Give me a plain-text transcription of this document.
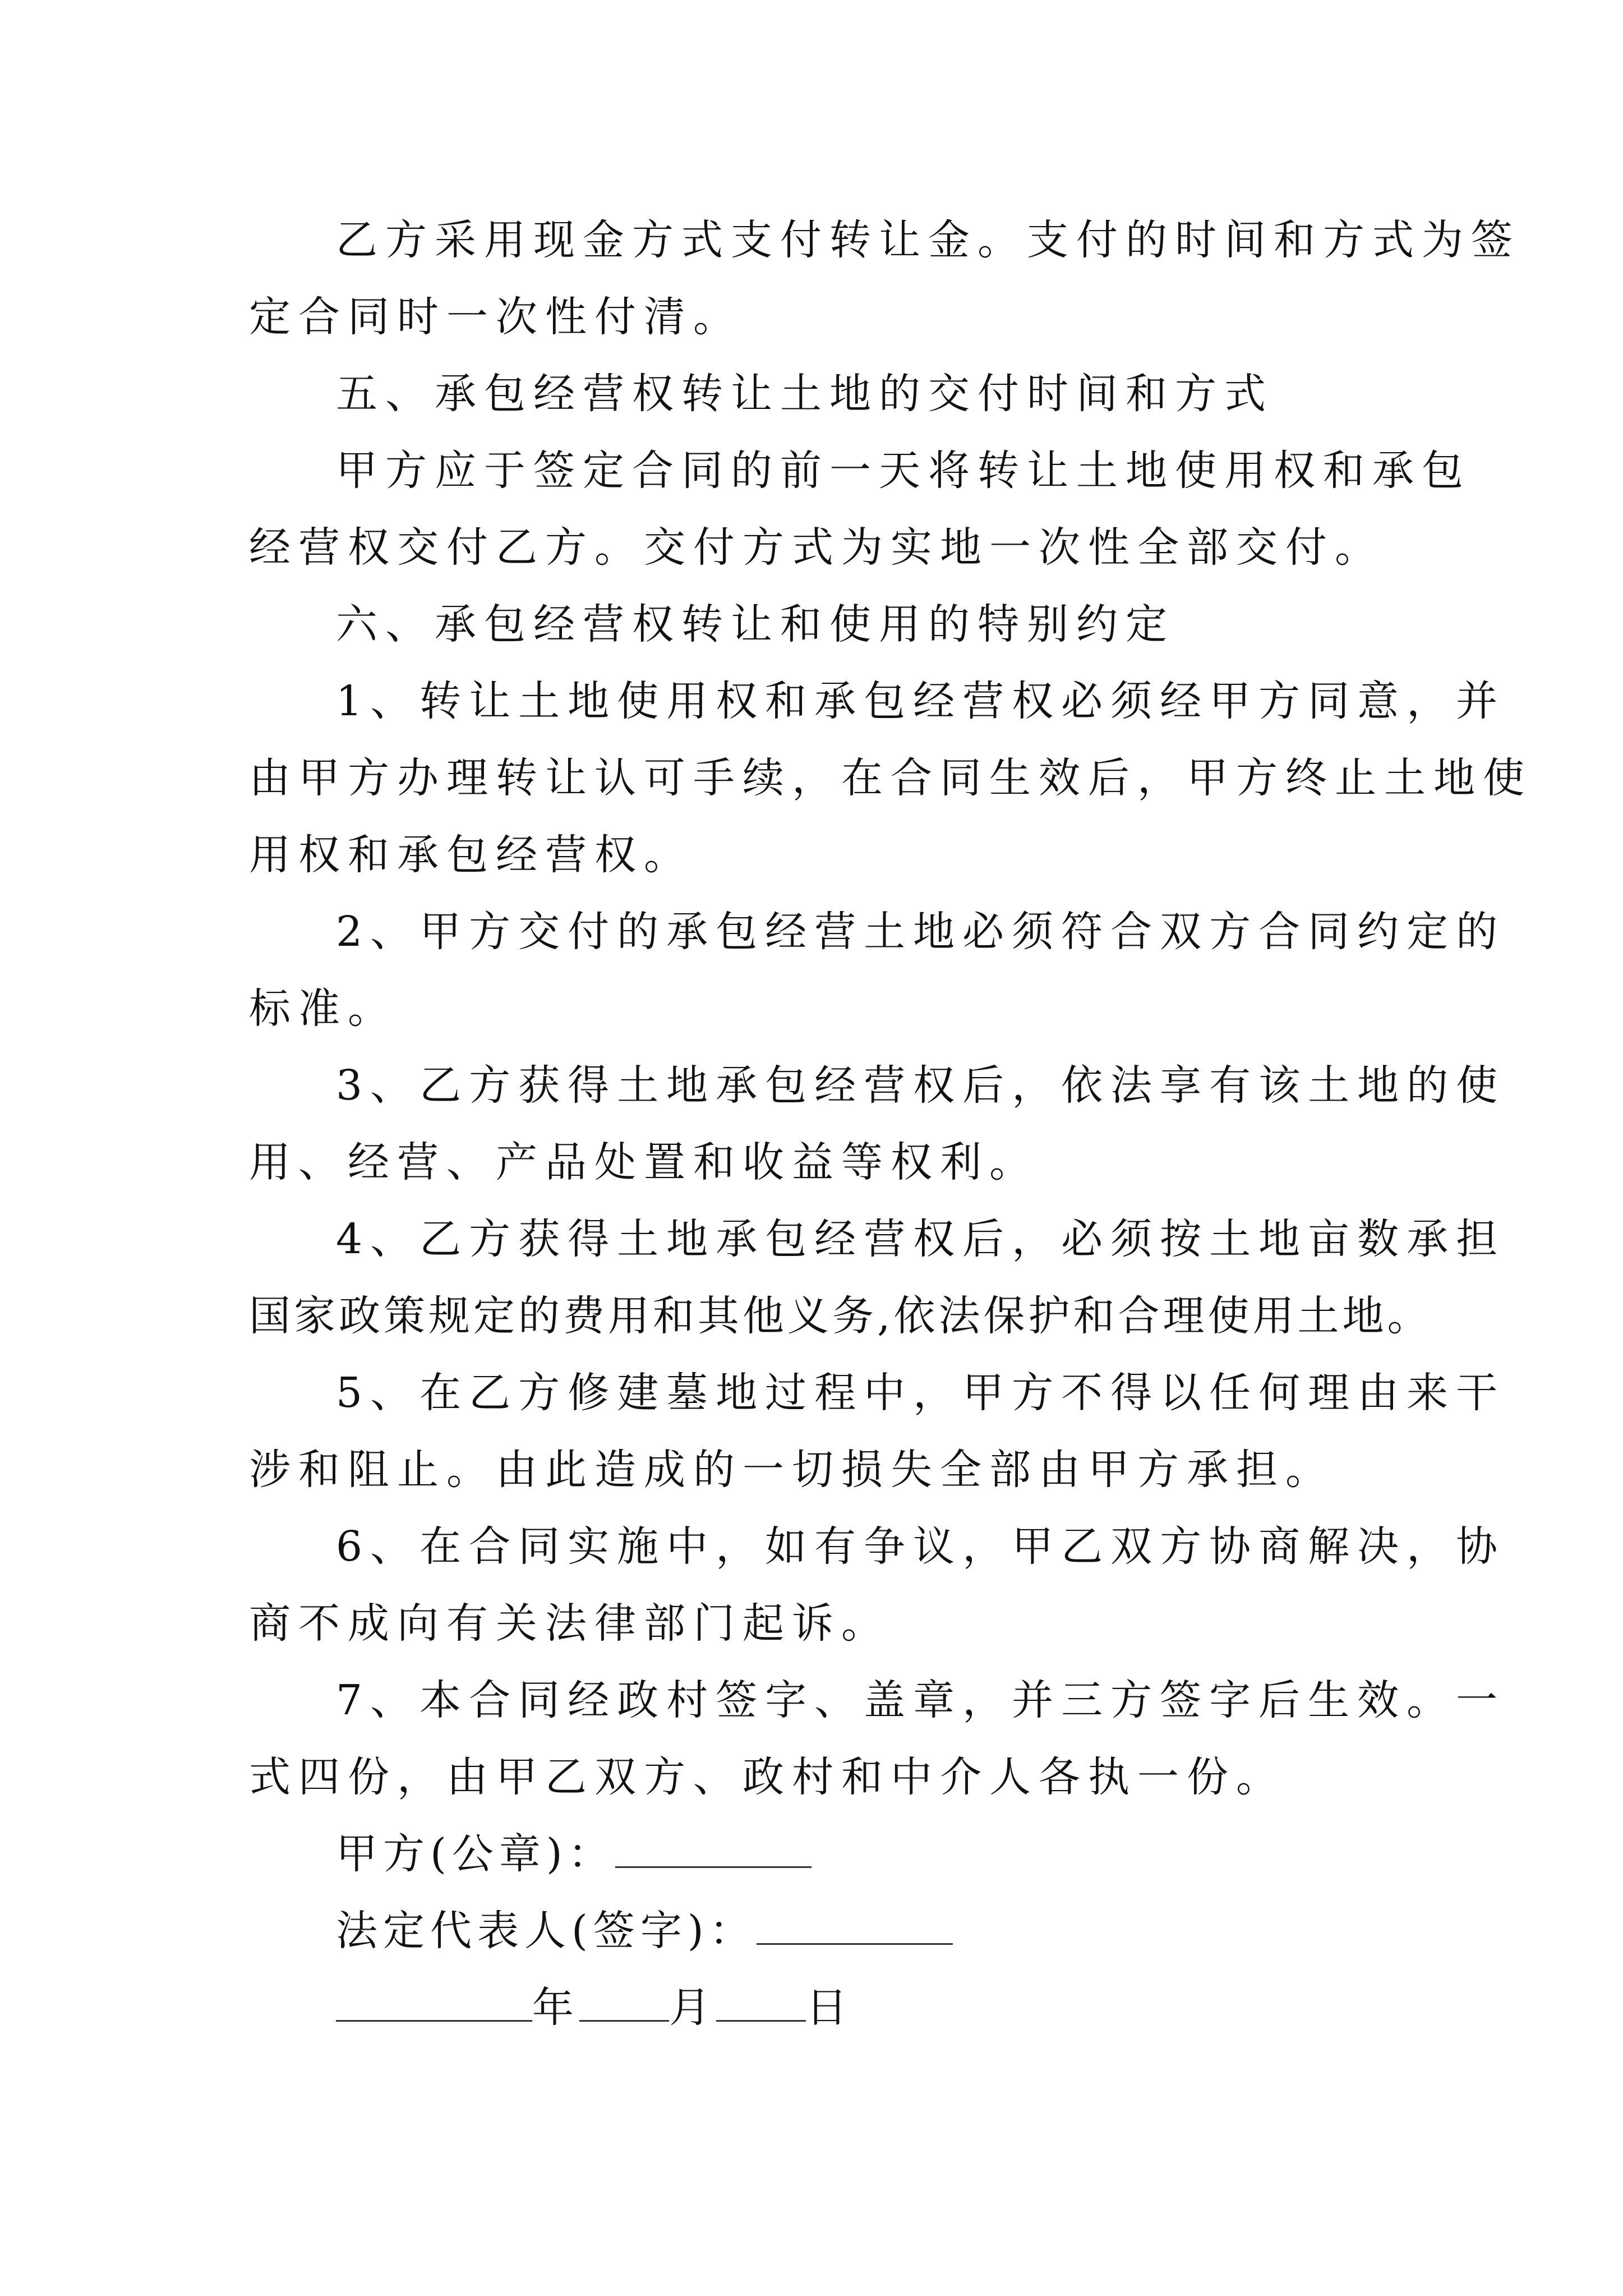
乙方采用现金方式支付转让金。支付的时间和方式为签
定合同时一次性付清。
五、承包经营权转让土地的交付时间和方式
甲方应于签定合同的前一天将转让土地使用权和承包
经营权交付乙方。交付方式为实地一次性全部交付。
六、承包经营权转让和使用的特别约定
1、转让土地使用权和承包经营权必须经甲方同意，并
由甲方办理转让认可手续，在合同生效后，甲方终止土地使
用权和承包经营权。
2、甲方交付的承包经营土地必须符合双方合同约定的
标准。
3、乙方获得土地承包经营权后，依法享有该土地的使
用、经营、产品处置和收益等权利。
4、乙方获得土地承包经营权后，必须按土地亩数承担
国家政策规定的费用和其他义务,依法保护和合理使用土地。
5、在乙方修建墓地过程中，甲方不得以任何理由来干
涉和阻止。由此造成的一切损失全部由甲方承担。
6、在合同实施中，如有争议，甲乙双方协商解决，协
商不成向有关法律部门起诉。
7、本合同经政村签字、盖章，并三方签字后生效。一
式四份，由甲乙双方、政村和中介人各执一份。
甲方(公章)：
法定代表人(签字)：
年 月 日
